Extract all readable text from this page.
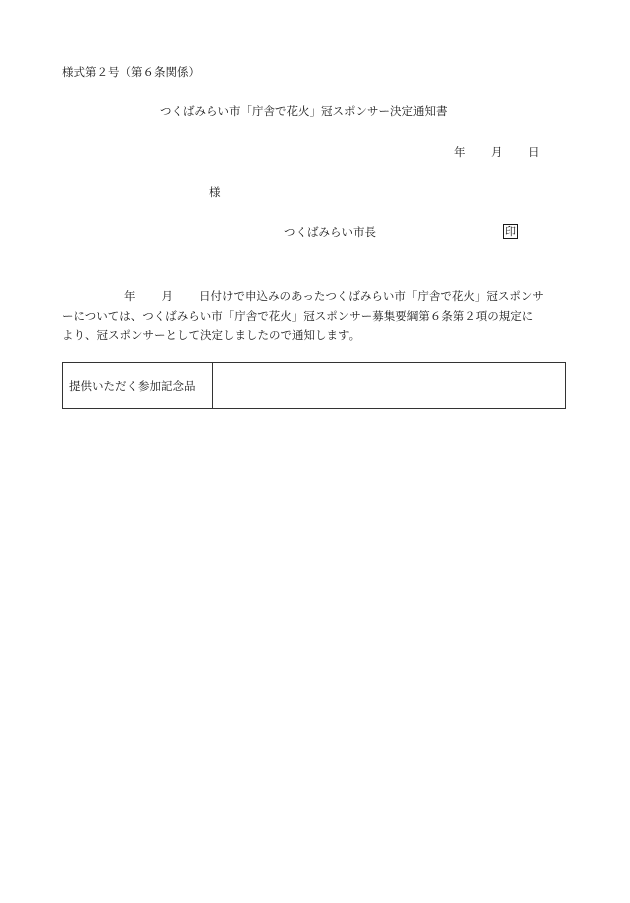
様式第２号（第６条関係）
つくばみらい市「庁舎で花火」冠スポンサー決定通知書
年 月 日
様
つくばみらい市長	印
年 月 日付けで申込みのあったつくばみらい市「庁舎で花火」冠スポンサ
ーについては、つくばみらい市「庁舎で花火」冠スポンサー募集要綱第６条第２項の規定に
より、冠スポンサーとして決定しましたので通知します。
提供いただく参加記念品
